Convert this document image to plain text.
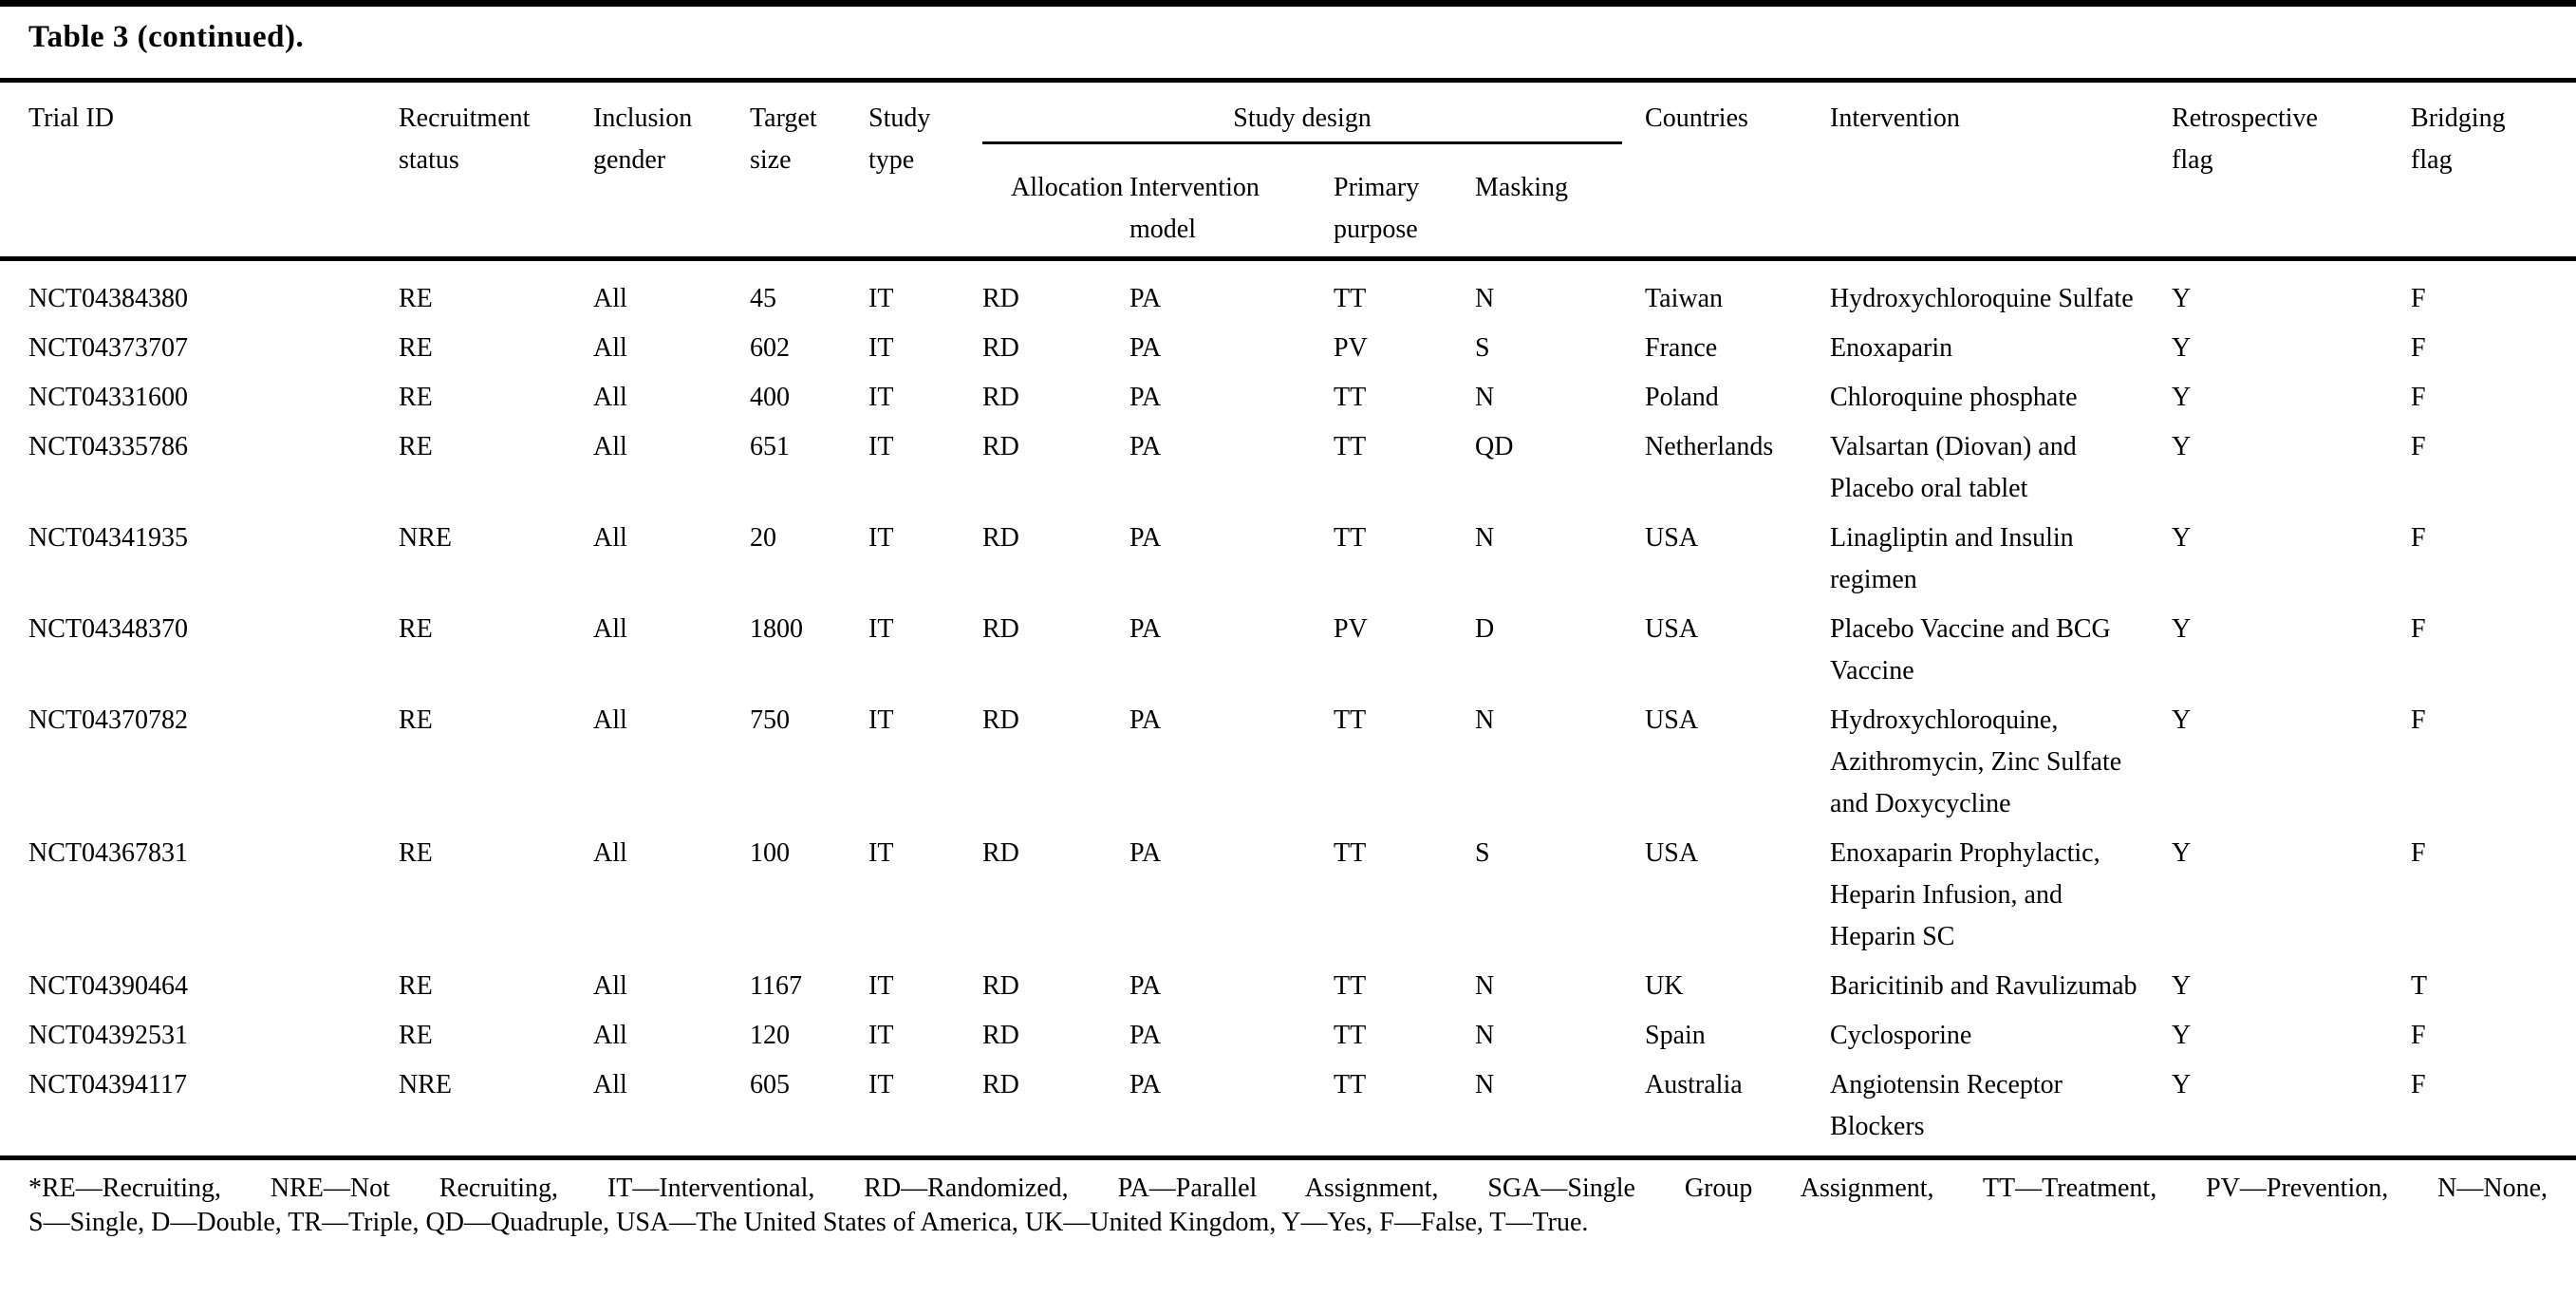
Table 3 (continued).
Trial ID	Recruitment status	Inclusion gender	Target size	Study type	Study design				Countries	Intervention	Retrospective flag	Bridging flag
					Allocation	Intervention model	Primary purpose	Masking				
NCT04384380	RE	All	45	IT	RD	PA	TT	N	Taiwan	Hydroxychloroquine Sulfate	Y	F
NCT04373707	RE	All	602	IT	RD	PA	PV	S	France	Enoxaparin	Y	F
NCT04331600	RE	All	400	IT	RD	PA	TT	N	Poland	Chloroquine phosphate	Y	F
NCT04335786	RE	All	651	IT	RD	PA	TT	QD	Netherlands	Valsartan (Diovan) and Placebo oral tablet	Y	F
NCT04341935	NRE	All	20	IT	RD	PA	TT	N	USA	Linagliptin and Insulin regimen	Y	F
NCT04348370	RE	All	1800	IT	RD	PA	PV	D	USA	Placebo Vaccine and BCG Vaccine	Y	F
NCT04370782	RE	All	750	IT	RD	PA	TT	N	USA	Hydroxychloroquine, Azithromycin, Zinc Sulfate and Doxycycline	Y	F
NCT04367831	RE	All	100	IT	RD	PA	TT	S	USA	Enoxaparin Prophylactic, Heparin Infusion, and Heparin SC	Y	F
NCT04390464	RE	All	1167	IT	RD	PA	TT	N	UK	Baricitinib and Ravulizumab	Y	T
NCT04392531	RE	All	120	IT	RD	PA	TT	N	Spain	Cyclosporine	Y	F
NCT04394117	NRE	All	605	IT	RD	PA	TT	N	Australia	Angiotensin Receptor Blockers	Y	F
*RE—Recruiting, NRE—Not Recruiting, IT—Interventional, RD—Randomized, PA—Parallel Assignment, SGA—Single Group Assignment, TT—Treatment, PV—Prevention, N—None,
S—Single, D—Double, TR—Triple, QD—Quadruple, USA—The United States of America, UK—United Kingdom, Y—Yes, F—False, T—True.
